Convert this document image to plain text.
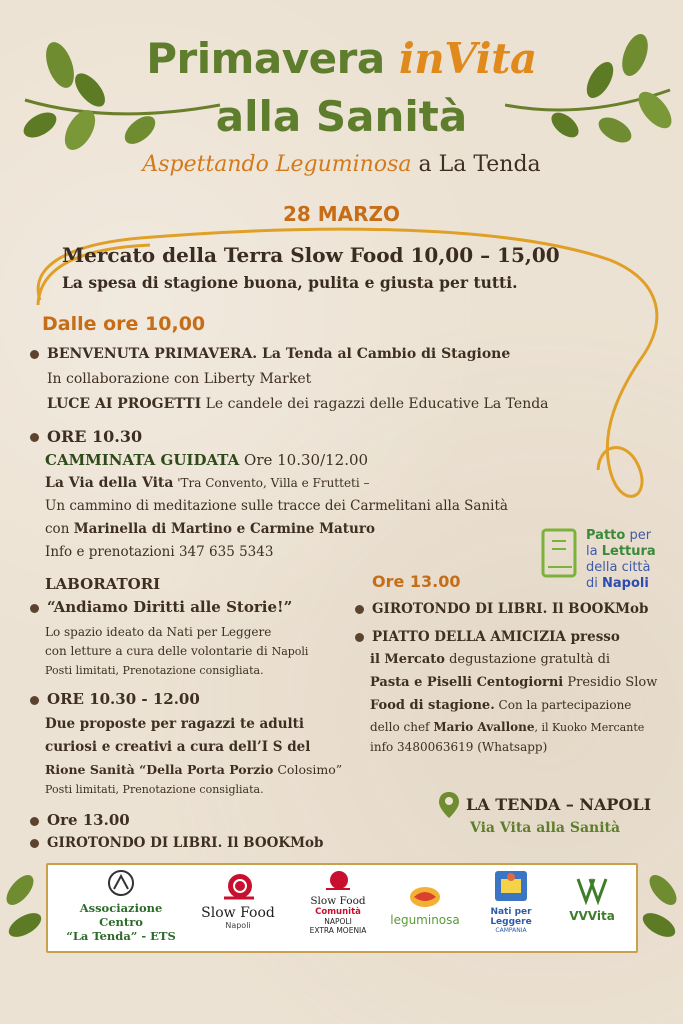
Primavera inVita
alla Sanità
Aspettando Leguminosa a La Tenda
28 MARZO
Mercato della Terra Slow Food 10,00 – 15,00
La spesa di stagione buona, pulita e giusta per tutti.
Dalle ore 10,00
BENVENUTA PRIMAVERA. La Tenda al Cambio di Stagione
In collaborazione con Liberty Market
LUCE AI PROGETTI Le candele dei ragazzi delle Educative La Tenda
ORE 10.30
CAMMINATA GUIDATA Ore 10.30/12.00
La Via della Vita 'Tra Convento, Villa e Frutteti –
Un cammino di meditazione sulle tracce dei Carmelitani alla Sanità
con Marinella di Martino e Carmine Maturo
Info e prenotazioni 347 635 5343
Patto per
la Lettura
della città
di Napoli
LABORATORI
“Andiamo Diritti alle Storie!”
Lo spazio ideato da Nati per Leggere
con letture a cura delle volontarie di Napoli
Posti limitati, Prenotazione consigliata.
ORE 10.30 - 12.00
Due proposte per ragazzi te adulti
curiosi e creativi a cura dell’I S del
Rione Sanità “Della Porta Porzio Colosimo”
Posti limitati, Prenotazione consigliata.
Ore 13.00
GIROTONDO DI LIBRI. Il BOOKMob
Ore 13.00
GIROTONDO DI LIBRI. Il BOOKMob
PIATTO DELLA AMICIZIA presso
il Mercato degustazione gratultà di
Pasta e Piselli Centogiorni Presidio Slow
Food di stagione. Con la partecipazione
dello chef Mario Avallone, il Kuoko Mercante
info 3480063619 (Whatsapp)
LA TENDA – NAPOLI
Via Vita alla Sanità
Associazione Centro
“La Tenda” - ETS
Slow Food
Napoli
Slow Food
Comunità
NAPOLI
EXTRA MOENIA
leguminosa
Nati per
Leggere
CAMPANIA
VVVita
